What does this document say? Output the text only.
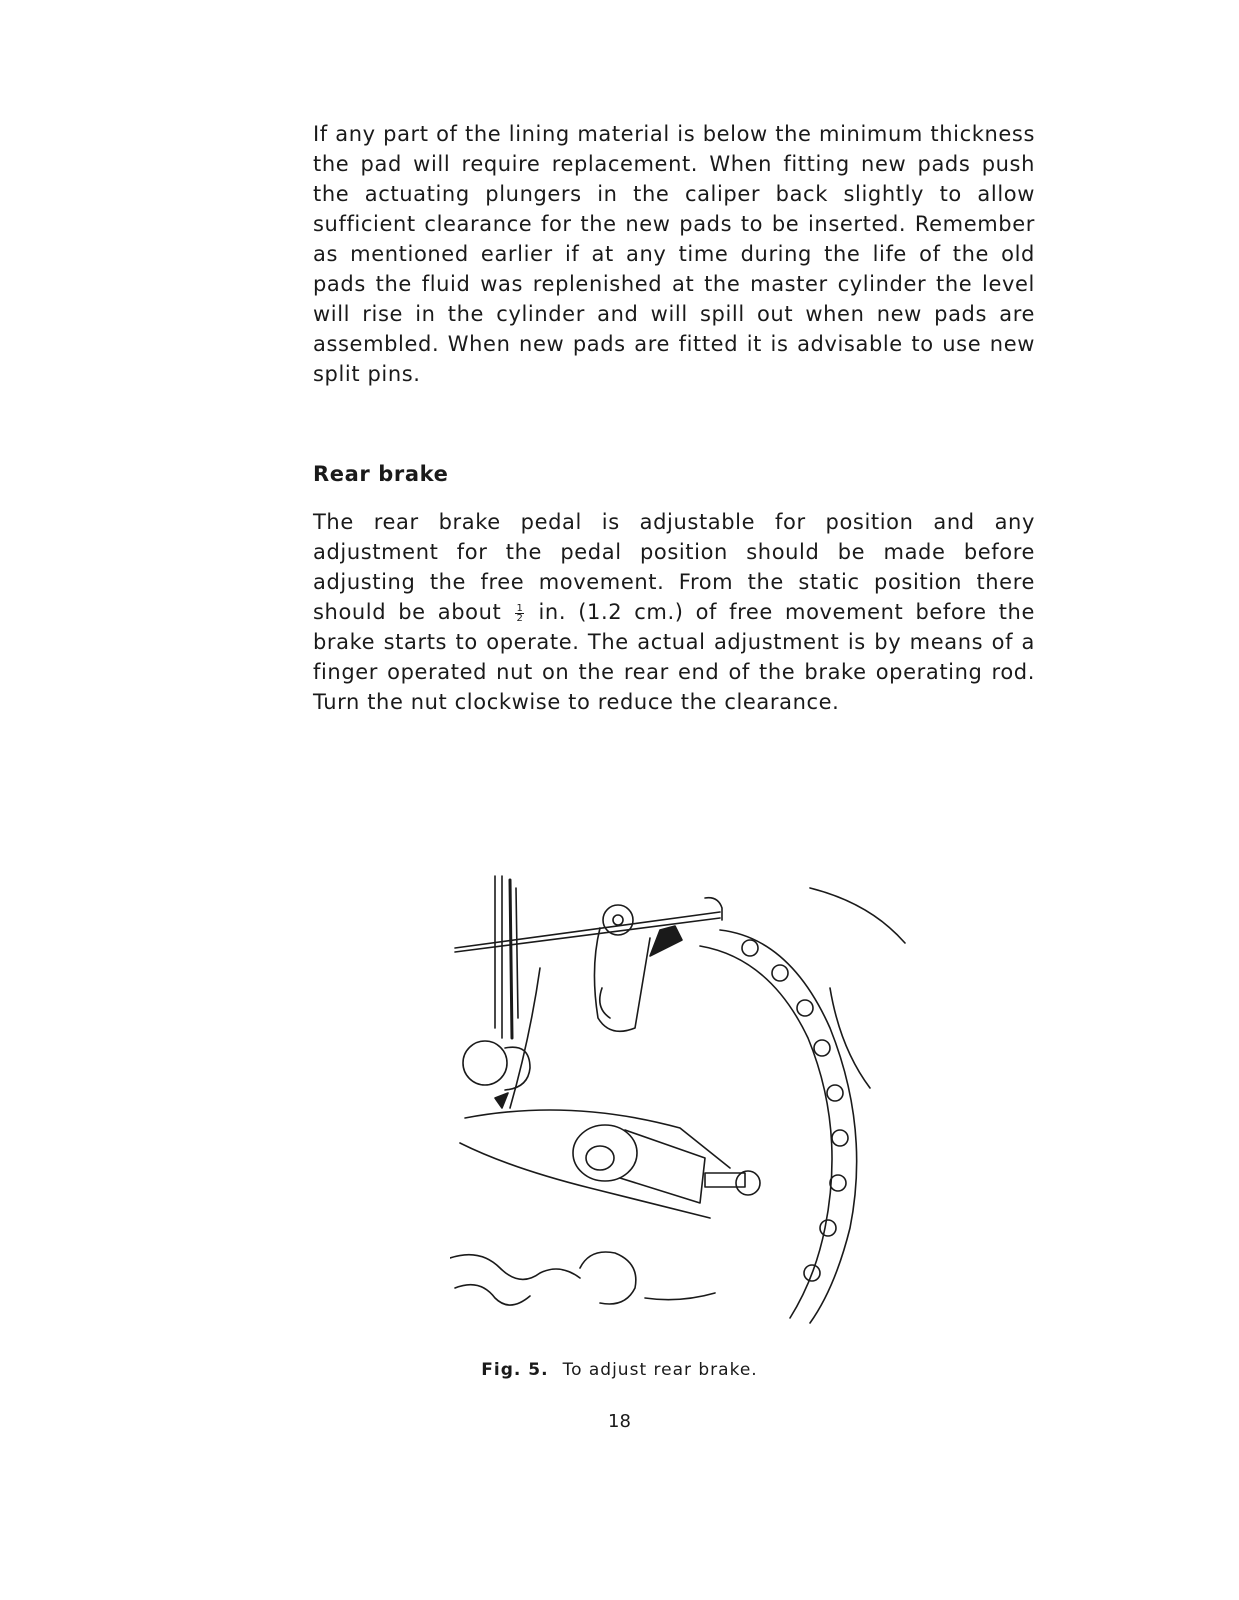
If any part of the lining material is below the minimum thickness the pad will require replacement. When fitting new pads push the actuating plungers in the caliper back slightly to allow sufficient clearance for the new pads to be inserted. Remember as mentioned earlier if at any time during the life of the old pads the fluid was replenished at the master cylinder the level will rise in the cylinder and will spill out when new pads are assembled. When new pads are fitted it is advisable to use new split pins.

Rear brake

The rear brake pedal is adjustable for position and any adjustment for the pedal position should be made before adjusting the free movement. From the static position there should be about $\frac{1}{2}$ in. (1.2 cm.) of free movement before the brake starts to operate. The actual adjustment is by means of a finger operated nut on the rear end of the brake operating rod. Turn the nut clockwise to reduce the clearance.

Fig. 5. To adjust rear brake.
18
